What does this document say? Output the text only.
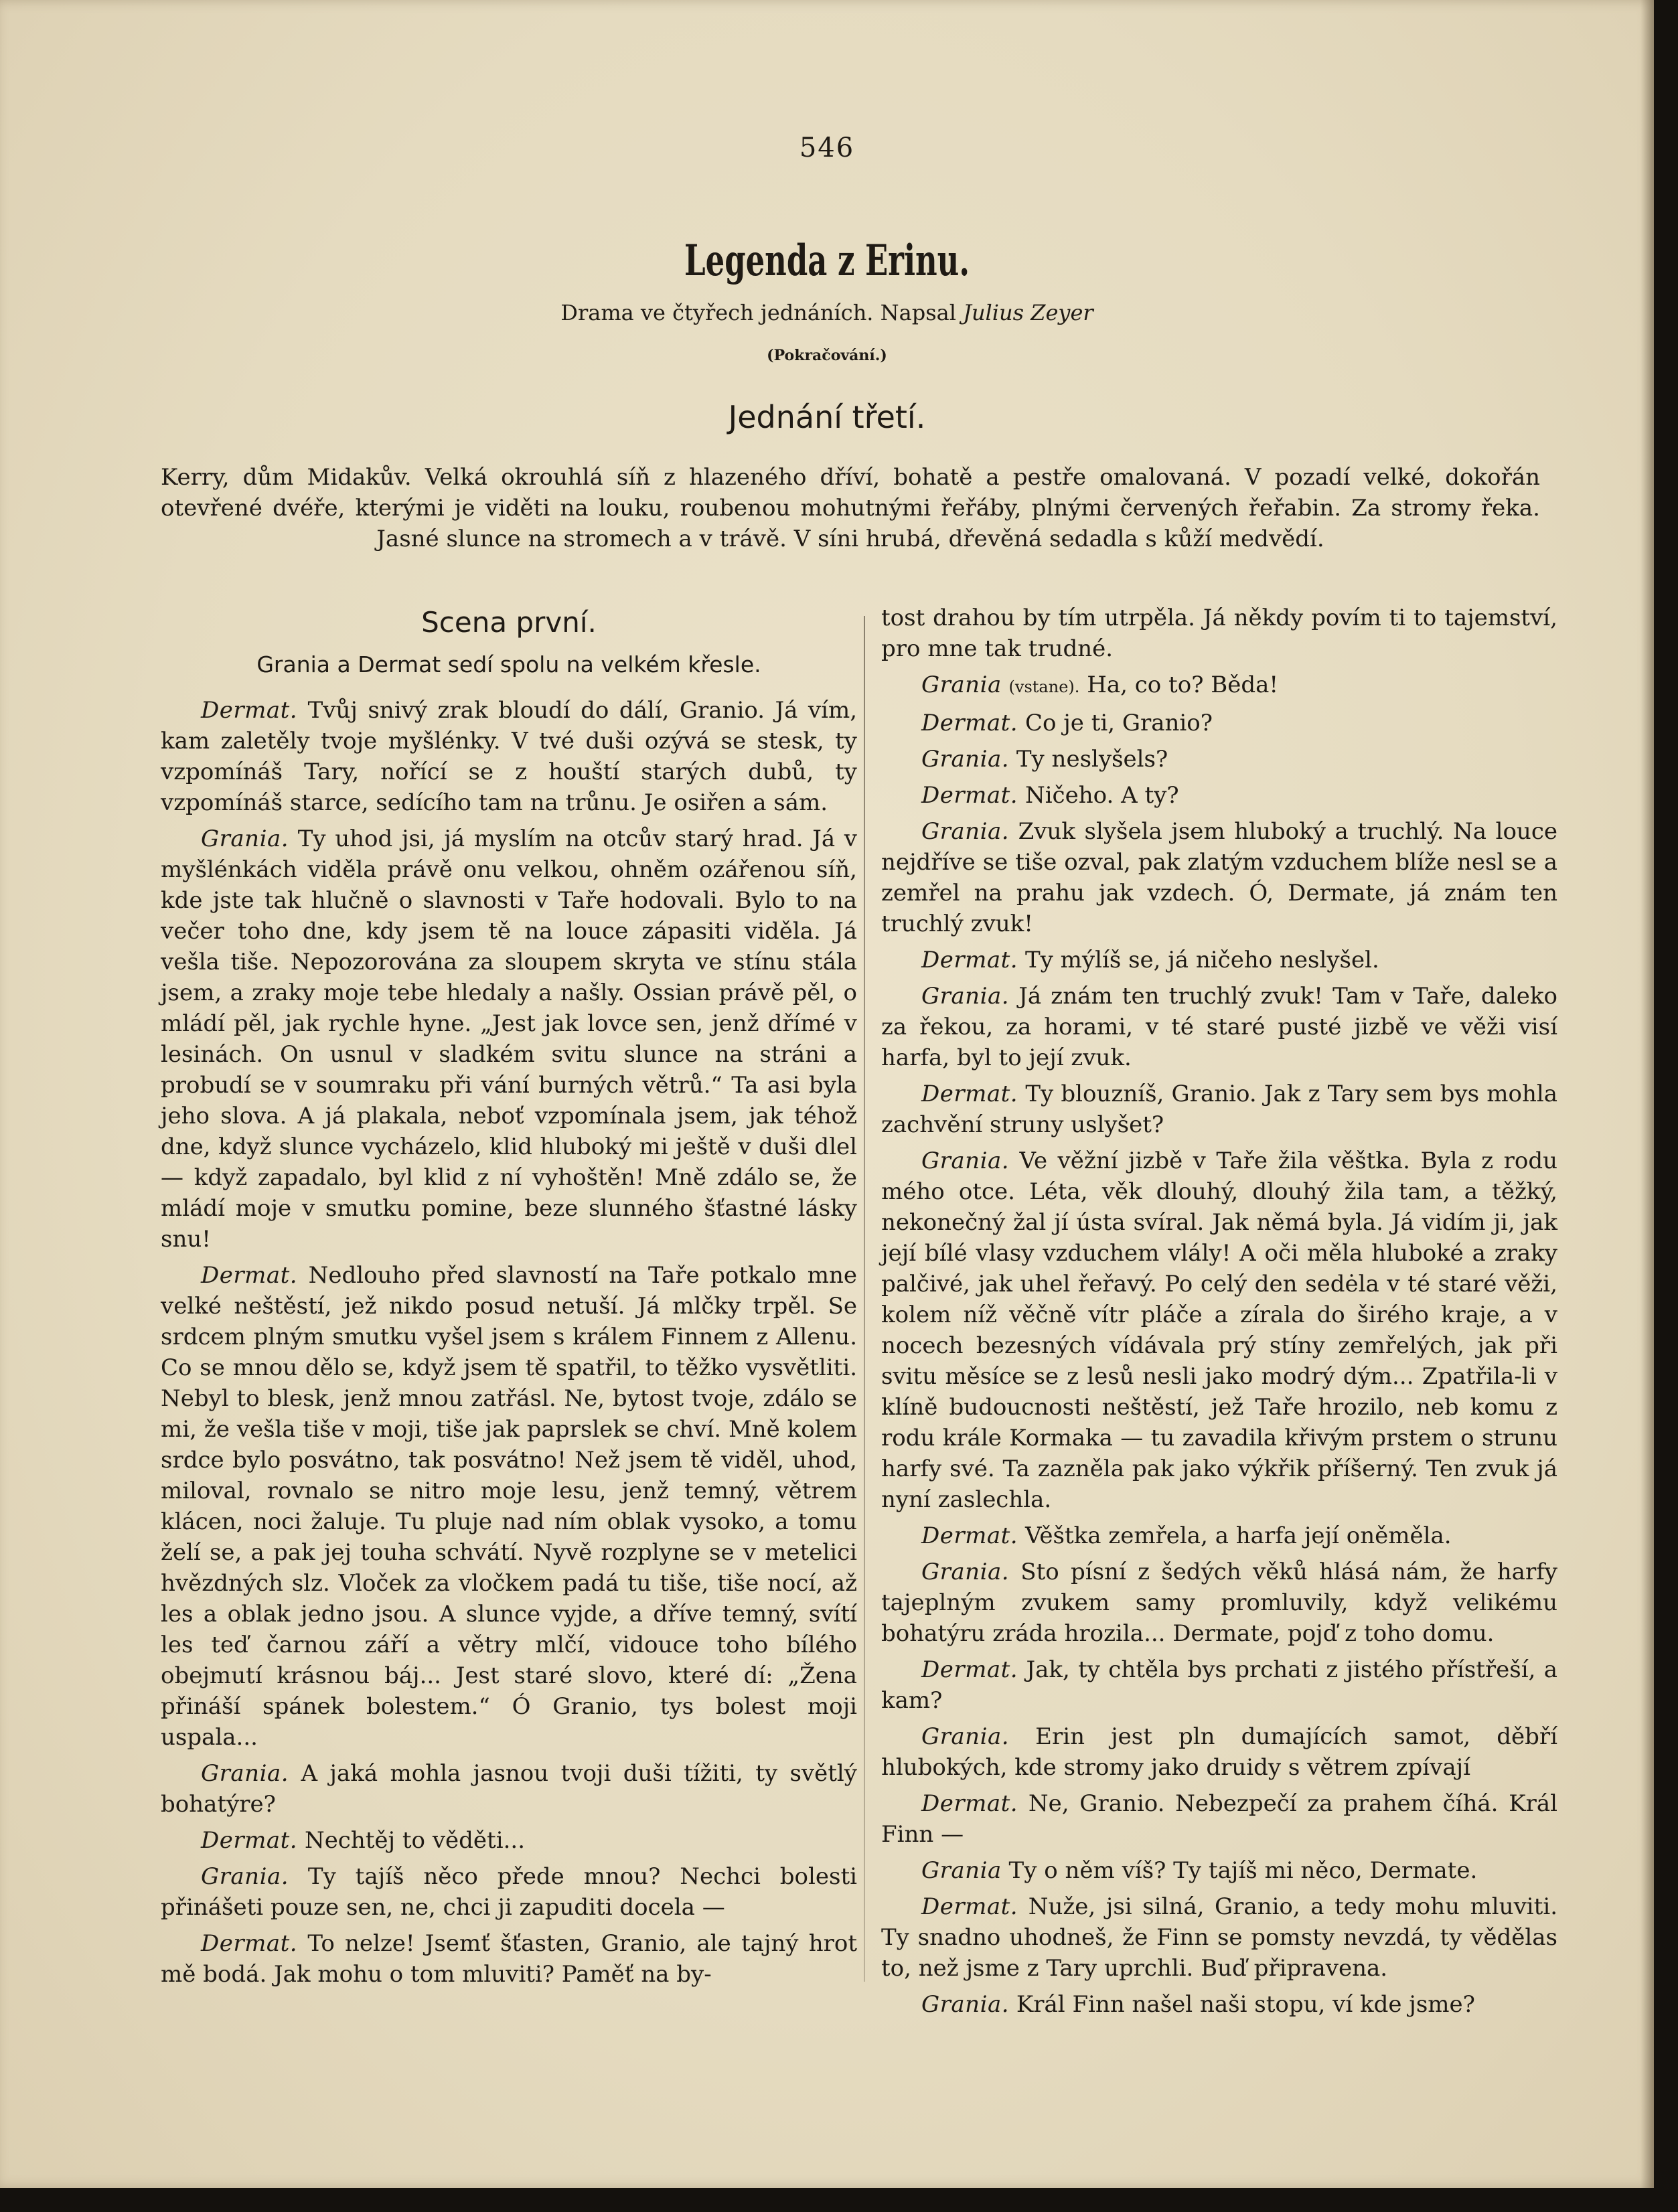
546
Legenda z Erinu.
Drama ve čtyřech jednáních. Napsal Julius Zeyer
(Pokračování.)
Jednání třetí.
Kerry, dům Midakův. Velká okrouhlá síň z hlazeného dříví, bohatě a pestře omalovaná. V pozadí velké, dokořán otevřené dvéře, kterými je viděti na louku, roubenou mohutnými řeřáby, plnými červených řeřabin. Za stromy řeka. Jasné slunce na stromech a v trávě. V síni hrubá, dřevěná sedadla s kůží medvědí.
Scena první.
Grania a Dermat sedí spolu na velkém křesle.

Dermat. Tvůj snivý zrak bloudí do dálí, Granio. Já vím, kam zaletěly tvoje myšlénky. V tvé duši ozývá se stesk, ty vzpomínáš Tary, nořící se z houští starých dubů, ty vzpomínáš starce, sedícího tam na trůnu. Je osiřen a sám.

Grania. Ty uhod jsi, já myslím na otcův starý hrad. Já v myšlénkách viděla právě onu velkou, ohněm ozářenou síň, kde jste tak hlučně o slavnosti v Taře hodovali. Bylo to na večer toho dne, kdy jsem tě na louce zápasiti viděla. Já vešla tiše. Nepozorována za sloupem skryta ve stínu stála jsem, a zraky moje tebe hledaly a našly. Ossian právě pěl, o mládí pěl, jak rychle hyne. „Jest jak lovce sen, jenž dřímé v lesinách. On usnul v sladkém svitu slunce na stráni a probudí se v soumraku při vání burných větrů.“ Ta asi byla jeho slova. A já plakala, neboť vzpomínala jsem, jak téhož dne, když slunce vycházelo, klid hluboký mi ještě v duši dlel — když zapadalo, byl klid z ní vyhoštěn! Mně zdálo se, že mládí moje v smutku pomine, beze slunného šťastné lásky snu!

Dermat. Nedlouho před slavností na Taře potkalo mne velké neštěstí, jež nikdo posud netuší. Já mlčky trpěl. Se srdcem plným smutku vyšel jsem s králem Finnem z Allenu. Co se mnou dělo se, když jsem tě spatřil, to těžko vysvětliti. Nebyl to blesk, jenž mnou zatřásl. Ne, bytost tvoje, zdálo se mi, že vešla tiše v moji, tiše jak paprslek se chví. Mně kolem srdce bylo posvátno, tak posvátno! Než jsem tě viděl, uhod, miloval, rovnalo se nitro moje lesu, jenž temný, větrem klácen, noci žaluje. Tu pluje nad ním oblak vysoko, a tomu želí se, a pak jej touha schvátí. Nyvě rozplyne se v metelici hvězdných slz. Vloček za vločkem padá tu tiše, tiše nocí, až les a oblak jedno jsou. A slunce vyjde, a dříve temný, svítí les teď čarnou září a větry mlčí, vidouce toho bílého obejmutí krásnou báj... Jest staré slovo, které dí: „Žena přináší spánek bolestem.“ Ó Granio, tys bolest moji uspala...

Grania. A jaká mohla jasnou tvoji duši tížiti, ty světlý bohatýre?

Dermat. Nechtěj to věděti...

Grania. Ty tajíš něco přede mnou? Nechci bolesti přinášeti pouze sen, ne, chci ji zapuditi docela —

Dermat. To nelze! Jsemť šťasten, Granio, ale tajný hrot mě bodá. Jak mohu o tom mluviti? Paměť na by-

tost drahou by tím utrpěla. Já někdy povím ti to tajemství, pro mne tak trudné.

Grania (vstane). Ha, co to? Běda!

Dermat. Co je ti, Granio?

Grania. Ty neslyšels?

Dermat. Ničeho. A ty?

Grania. Zvuk slyšela jsem hluboký a truchlý. Na louce nejdříve se tiše ozval, pak zlatým vzduchem blíže nesl se a zemřel na prahu jak vzdech. Ó, Dermate, já znám ten truchlý zvuk!

Dermat. Ty mýlíš se, já ničeho neslyšel.

Grania. Já znám ten truchlý zvuk! Tam v Taře, daleko za řekou, za horami, v té staré pusté jizbě ve věži visí harfa, byl to její zvuk.

Dermat. Ty blouzníš, Granio. Jak z Tary sem bys mohla zachvění struny uslyšet?

Grania. Ve věžní jizbě v Taře žila věštka. Byla z rodu mého otce. Léta, věk dlouhý, dlouhý žila tam, a těžký, nekonečný žal jí ústa svíral. Jak němá byla. Já vidím ji, jak její bílé vlasy vzduchem vlály! A oči měla hluboké a zraky palčivé, jak uhel řeřavý. Po celý den sedėla v té staré věži, kolem níž věčně vítr pláče a zírala do širého kraje, a v nocech bezesných vídávala prý stíny zemřelých, jak při svitu měsíce se z lesů nesli jako modrý dým... Zpatřila-li v klíně budoucnosti neštěstí, jež Taře hrozilo, neb komu z rodu krále Kormaka — tu zavadila křivým prstem o strunu harfy své. Ta zazněla pak jako výkřik příšerný. Ten zvuk já nyní zaslechla.

Dermat. Věštka zemřela, a harfa její oněměla.

Grania. Sto písní z šedých věků hlásá nám, že harfy tajeplným zvukem samy promluvily, když velikému bohatýru zráda hrozila... Dermate, pojď z toho domu.

Dermat. Jak, ty chtěla bys prchati z jistého přístřeší, a kam?

Grania. Erin jest pln dumajících samot, děbří hlubokých, kde stromy jako druidy s větrem zpívají

Dermat. Ne, Granio. Nebezpečí za prahem číhá. Král Finn —

Grania Ty o něm víš? Ty tajíš mi něco, Dermate.

Dermat. Nuže, jsi silná, Granio, a tedy mohu mluviti. Ty snadno uhodneš, že Finn se pomsty nevzdá, ty vědělas to, než jsme z Tary uprchli. Buď připravena.

Grania. Král Finn našel naši stopu, ví kde jsme?
